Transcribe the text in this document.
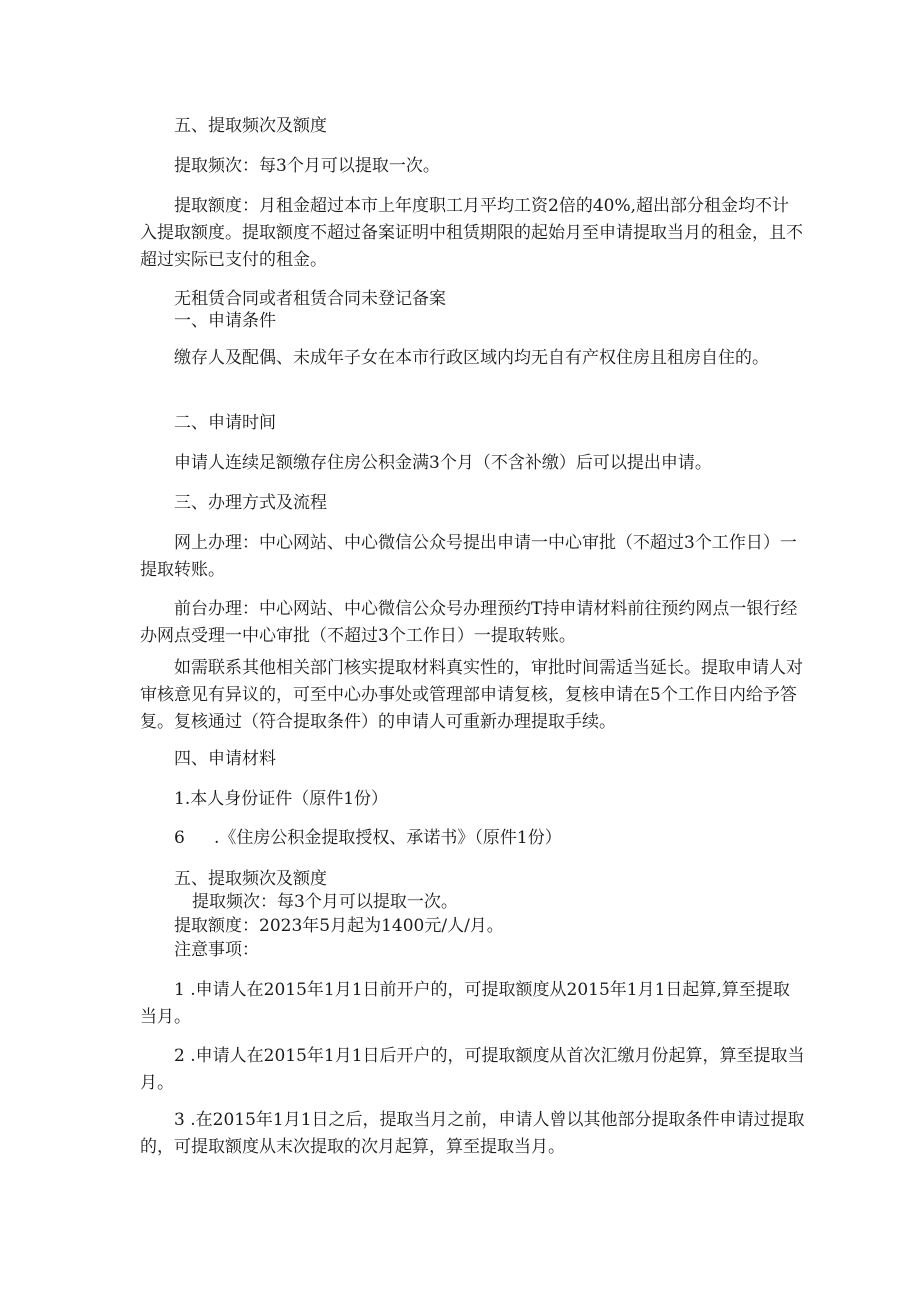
五、提取频次及额度

提取频次：每3个月可以提取一次。

提取额度：月租金超过本市上年度职工月平均工资2倍的40%,超出部分租金均不计入提取额度。提取额度不超过备案证明中租赁期限的起始月至申请提取当月的租金，且不超过实际已支付的租金。

无租赁合同或者租赁合同未登记备案

一、申请条件

缴存人及配偶、未成年子女在本市行政区域内均无自有产权住房且租房自住的。

二、申请时间

申请人连续足额缴存住房公积金满3个月（不含补缴）后可以提出申请。

三、办理方式及流程

网上办理：中心网站、中心微信公众号提出申请一中心审批（不超过3个工作日）一提取转账。

前台办理：中心网站、中心微信公众号办理预约T持申请材料前往预约网点一银行经办网点受理一中心审批（不超过3个工作日）一提取转账。

如需联系其他相关部门核实提取材料真实性的，审批时间需适当延长。提取申请人对审核意见有异议的，可至中心办事处或管理部申请复核，复核申请在5个工作日内给予答复。复核通过（符合提取条件）的申请人可重新办理提取手续。

四、申请材料

1.本人身份证件（原件1份）

6 .《住房公积金提取授权、承诺书》（原件1份）

五、提取频次及额度

提取频次：每3个月可以提取一次。

提取额度：2023年5月起为1400元/人/月。

注意事项：

1 .申请人在2015年1月1日前开户的，可提取额度从2015年1月1日起算,算至提取当月。

2 .申请人在2015年1月1日后开户的，可提取额度从首次汇缴月份起算，算至提取当月。

3 .在2015年1月1日之后，提取当月之前，申请人曾以其他部分提取条件申请过提取的，可提取额度从末次提取的次月起算，算至提取当月。
